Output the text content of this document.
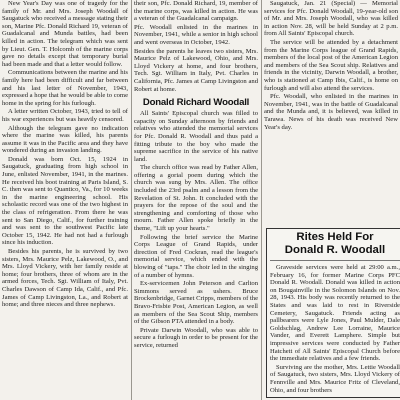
New Year's Day was one of tragedy for the family of Mr. and Mrs. Joseph Woodall of Saugatuck who received a message stating their son, Marine Pfc. Donald Richard 19, veteran of Guadalcanal and Munda battles, had been killed in action. The telegram which was sent by Lieut. Gen. T. Holcomb of the marine corps gave no details except that temporary burial had been made and that a letter would follow.

Communications between the marine and his family here had been difficult and far between and his last letter of November, 1943, expressed a hope that he would be able to come home in the spring for his furlough.

A letter written October, 1943, tried to tell of his war experiences but was heavily censored.

Although the telegram gave no indication where the marine was killed, his parents assume it was in the Pacific area and they have wondered during an invasion landing.

Donald was born Oct. 15, 1924 in Saugatuck, graduating from high school in June, enlisted November, 1941, in the marines. He received his boot training at Paris Island, S. C. then was sent to Quantico, Va., for 10 weeks in the marine engineering school. His scholastic record was one of the two highest in the class of refrigeration. From there he was sent to San Diego, Calif., for further training and was sent to the southwest Pacific late October 15, 1942. He had not had a furlough since his induction.

Besides his parents, he is survived by two sisters, Mrs. Maurice Pelz, Lakewood, O., and Mrs. Lloyd Vickery, with her family reside at home; four brothers, three of whom are in the armed forces, Tech. Sgt. William of Italy, Pvt. Charles Dawson of Camp Ida, Calif., and Pfc. James of Camp Livingston, La., and Robert at home; and three nieces and three nephews.

their son, Pfc. Donald Richard, 19, member of the marine corps, was killed in action. He was a veteran of the Guadalcanal campaign.

Pfc. Woodall enlisted in the marines in November, 1941, while a senior in high school and went overseas in October, 1942.

Besides the parents he leaves two sisters, Mrs. Maurice Pelz of Lakewood, Ohio, and Mrs. Lloyd Vickery at home, and four brothers, Tech. Sgt. William in Italy, Pvt. Charles in California, Pfc. James at Camp Livingston and Robert at home.

Donald Richard Woodall

All Saints' Episcopal church was filled to capacity on Sunday afternoon by friends and relatives who attended the memorial services for Pfc. Donald R. Woodall and thus paid a fitting tribute to the boy who made the supreme sacrifice in the service of his native land.

The church office was read by Father Allen, offering a gorial poem during which the church was sung by Mrs. Allen. The office included the 23rd psalm and a lesson from the Revelation of St. John. It concluded with the prayers for the repose of the soul and the strengthening and comforting of those who mourn. Father Allen spoke briefly in the theme, "Lift up your hearts."

Following the brief service the Marine Corps League of Grand Rapids, under direction of Fred Cockran, read the league's memorial service, which ended with the blowing of "taps." The choir led in the singing of a number of hymns.

Ex-servicemen John Peterson and Carlton Simmons served as ushers. Bruce Brockenbridge, Garnet Cripps, members of the Bravo-Frisbie Post, American Legion, as well as members of the Sea Scout Ship, members of the Gibson PTA attended in a body.

Private Darwin Woodall, who was able to secure a furlough in order to be present for the service, returned

Saugatuck, Jan. 21 (Special) — Memorial services for Pfc. Donald Woodall, 19-year-old son of Mr. and Mrs. Joseph Woodall, who was killed in action Nov. 28, will be held Sunday at 2 p.m. from All Saints' Episcopal church.

The service will be attended by a detachment from the Marine Corps league of Grand Rapids, members of the local post of the American Legion and members of the Sea Scout ship. Relatives and friends in the vicinity, Darwin Woodall, a brother, who is stationed at Camp Ibis, Calif., is home on furlough and will also attend the services.

Pfc. Woodall, who enlisted in the marines in November, 1941, was in the battle of Guadalcanal and the Munda and, it is believed, was killed in Tarawa. News of his death was received New Year's day.

Rites Held For
Donald R. Woodall

Graveside services were held at 29:00 a.m., February 16, for former Marine Corps PFC Donald R. Woodall. Donald was killed in action on Bougainville in the Solomon Islands on Nov. 28, 1943. His body was recently returned to the States and was laid to rest in Riverside Cemetery, Saugatuck. Friends acting as pallbearers were Lyle Jones, Paul Mulder, Dale Goldschlag, Andrew Lee Lorraine, Maurice Vander, and Everett Lamphere. Simple but impressive services were conducted by Father Hatchett of All Saints' Episcopal Church before the immediate relatives and a few friends.

Surviving are the mother, Mrs. Lettie Woodall of Saugatuck, two sisters, Mrs. Lloyd Vickery of Fennville and Mrs. Maurice Fritz of Cleveland, Ohio, and four brothers
